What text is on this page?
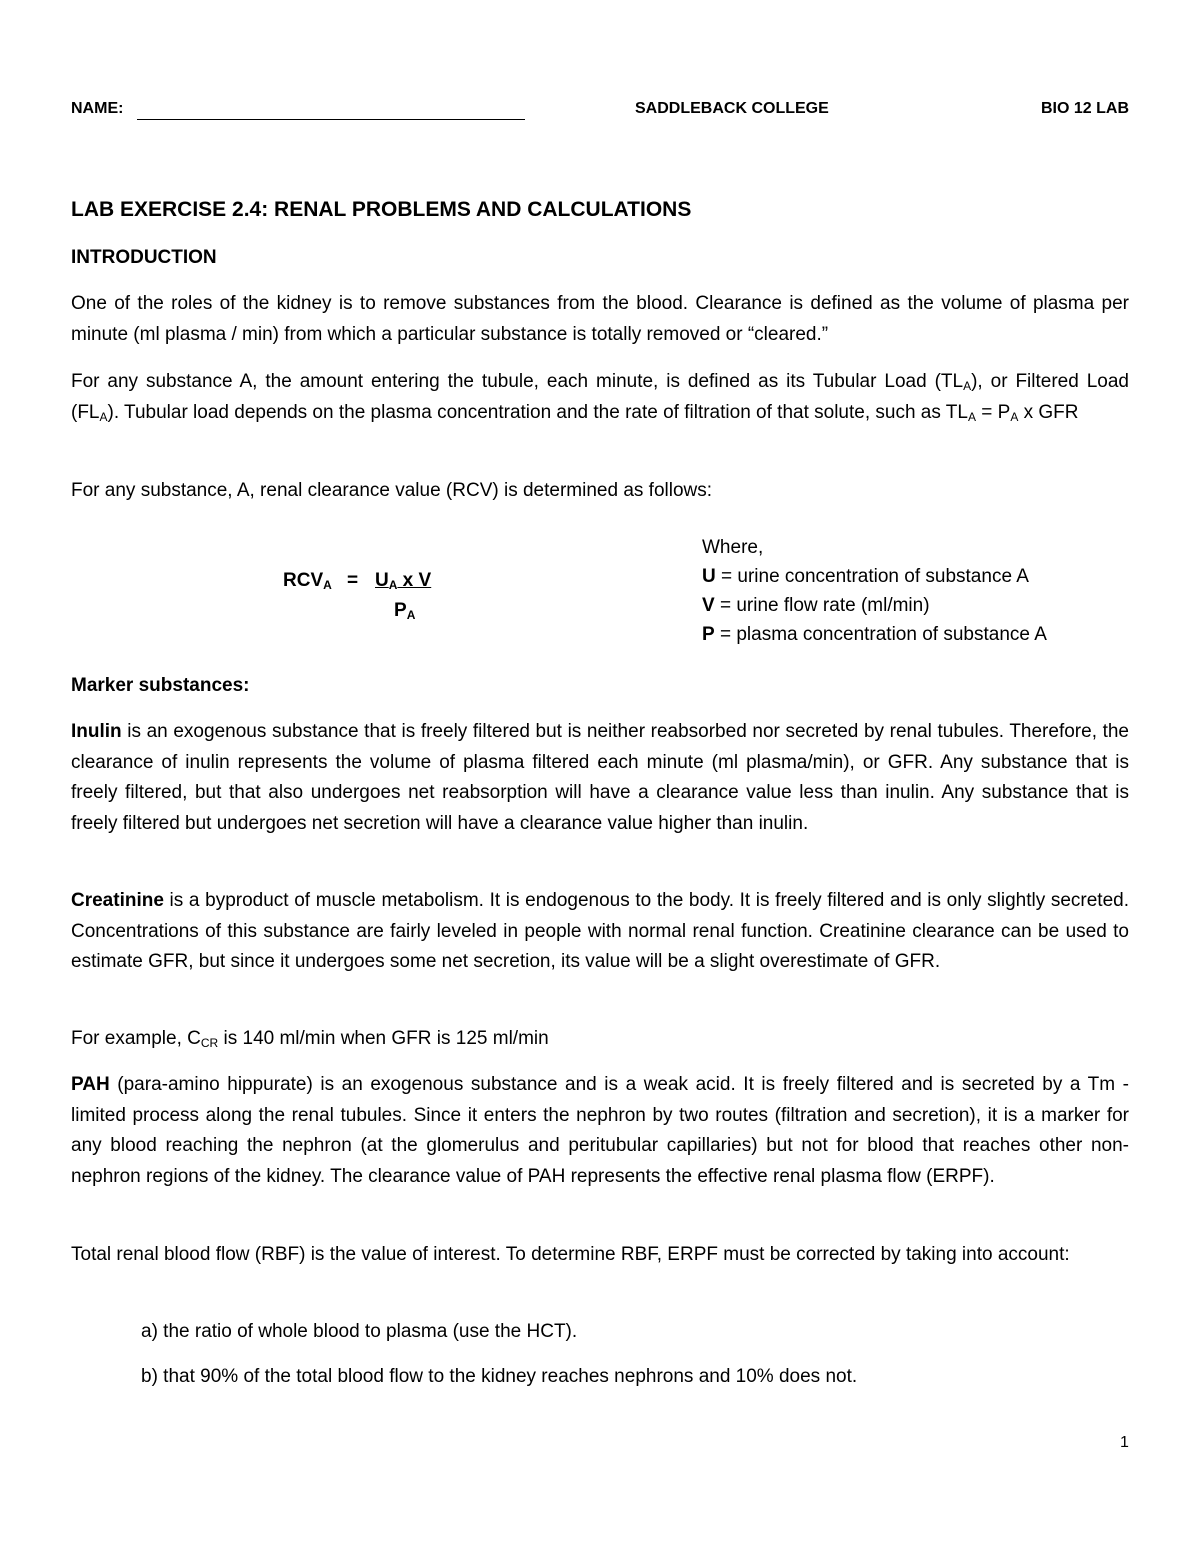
NAME:	SADDLEBACK COLLEGE	BIO 12 LAB
LAB EXERCISE 2.4: RENAL PROBLEMS AND CALCULATIONS
INTRODUCTION
One of the roles of the kidney is to remove substances from the blood. Clearance is defined as the volume of plasma per minute (ml plasma / min) from which a particular substance is totally removed or “cleared.”
For any substance A, the amount entering the tubule, each minute, is defined as its Tubular Load $(TL_A)$, or Filtered Load $(FL_A)$. Tubular load depends on the plasma concentration and the rate of filtration of that solute, such as $TL_A = P_A$ x GFR
For any substance, A, renal clearance value (RCV) is determined as follows:
$RCV_A = U_A$ x V
$P_A$
Where,
U = urine concentration of substance A
V = urine flow rate (ml/min)
P = plasma concentration of substance A
Marker substances:
Inulin is an exogenous substance that is freely filtered but is neither reabsorbed nor secreted by renal tubules. Therefore, the clearance of inulin represents the volume of plasma filtered each minute (ml plasma/min), or GFR. Any substance that is freely filtered, but that also undergoes net reabsorption will have a clearance value less than inulin. Any substance that is freely filtered but undergoes net secretion will have a clearance value higher than inulin.
Creatinine is a byproduct of muscle metabolism. It is endogenous to the body. It is freely filtered and is only slightly secreted. Concentrations of this substance are fairly leveled in people with normal renal function. Creatinine clearance can be used to estimate GFR, but since it undergoes some net secretion, its value will be a slight overestimate of GFR.
For example, $C_{CR}$ is 140 ml/min when GFR is 125 ml/min
PAH (para-amino hippurate) is an exogenous substance and is a weak acid. It is freely filtered and is secreted by a Tm -limited process along the renal tubules. Since it enters the nephron by two routes (filtration and secretion), it is a marker for any blood reaching the nephron (at the glomerulus and peritubular capillaries) but not for blood that reaches other non-nephron regions of the kidney. The clearance value of PAH represents the effective renal plasma flow (ERPF).
Total renal blood flow (RBF) is the value of interest. To determine RBF, ERPF must be corrected by taking into account:
a) the ratio of whole blood to plasma (use the HCT).
b) that 90% of the total blood flow to the kidney reaches nephrons and 10% does not.
1
